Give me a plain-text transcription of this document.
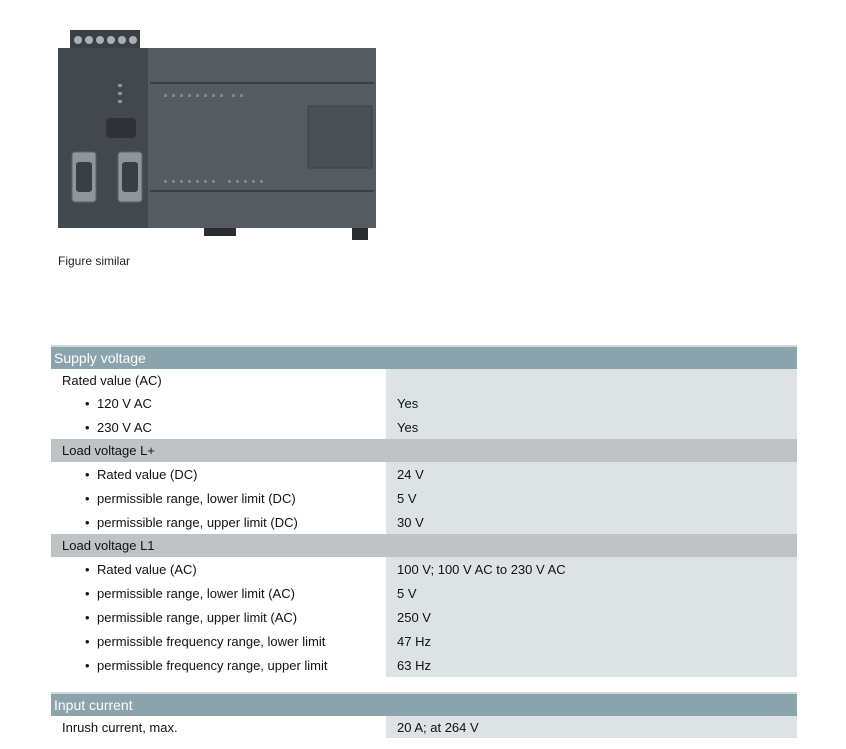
Figure similar
Supply voltage	
Rated value (AC)	
•120 V AC	Yes
•230 V AC	Yes
Load voltage L+	
•Rated value (DC)	24 V
•permissible range, lower limit (DC)	5 V
•permissible range, upper limit (DC)	30 V
Load voltage L1	
•Rated value (AC)	100 V; 100 V AC to 230 V AC
•permissible range, lower limit (AC)	5 V
•permissible range, upper limit (AC)	250 V
•permissible frequency range, lower limit	47 Hz
•permissible frequency range, upper limit	63 Hz
Input current
Inrush current, max.	20 A; at 264 V
